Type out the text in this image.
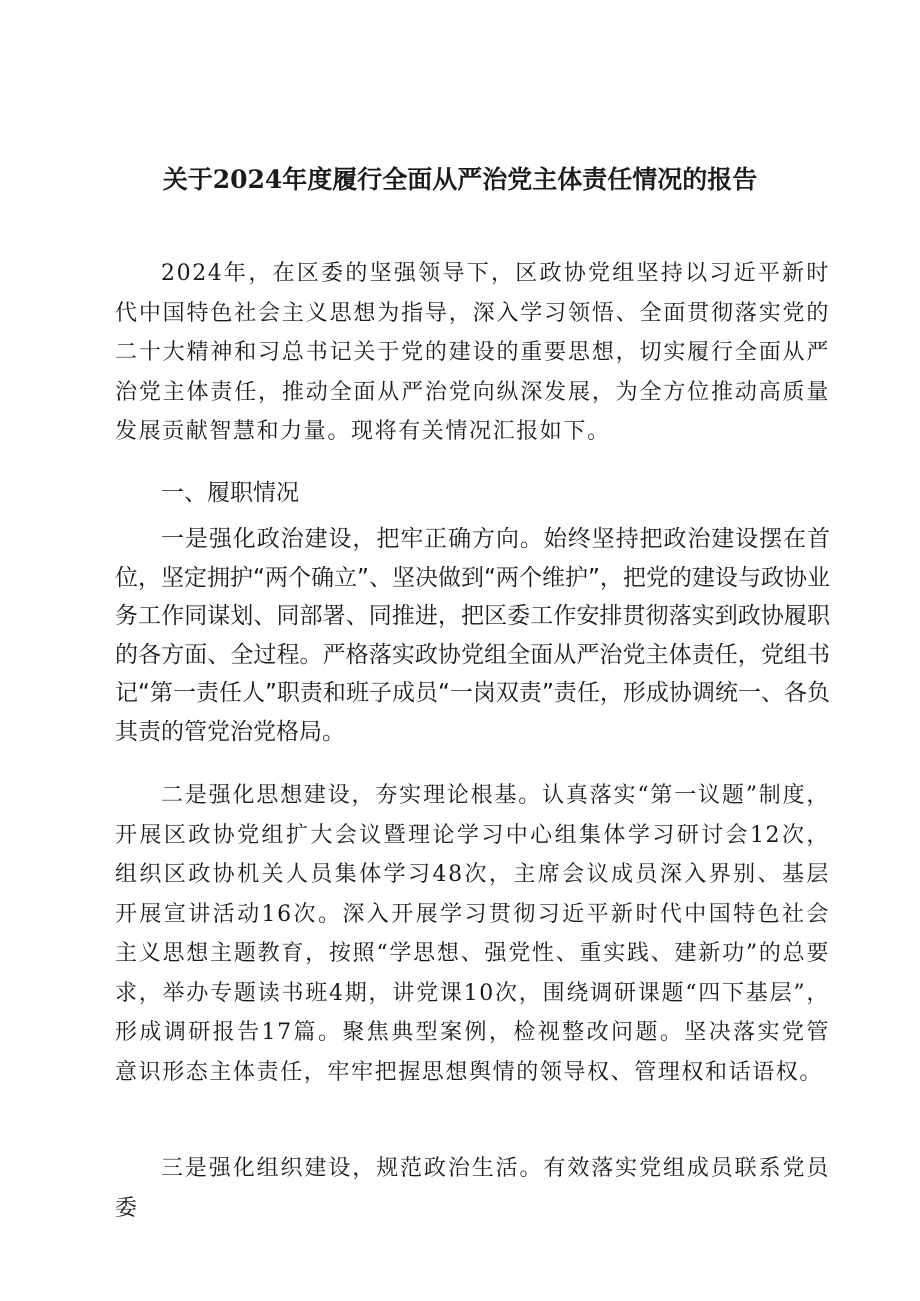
关于2024年度履行全面从严治党主体责任情况的报告

2024年，在区委的坚强领导下，区政协党组坚持以习近平新时代中国特色社会主义思想为指导，深入学习领悟、全面贯彻落实党的二十大精神和习总书记关于党的建设的重要思想，切实履行全面从严治党主体责任，推动全面从严治党向纵深发展，为全方位推动高质量发展贡献智慧和力量。现将有关情况汇报如下。

一、履职情况

一是强化政治建设，把牢正确方向。始终坚持把政治建设摆在首位，坚定拥护“两个确立”、坚决做到“两个维护”，把党的建设与政协业务工作同谋划、同部署、同推进，把区委工作安排贯彻落实到政协履职的各方面、全过程。严格落实政协党组全面从严治党主体责任，党组书记“第一责任人”职责和班子成员“一岗双责”责任，形成协调统一、各负其责的管党治党格局。

二是强化思想建设，夯实理论根基。认真落实“第一议题”制度，开展区政协党组扩大会议暨理论学习中心组集体学习研讨会12次，组织区政协机关人员集体学习48次，主席会议成员深入界别、基层开展宣讲活动16次。深入开展学习贯彻习近平新时代中国特色社会主义思想主题教育，按照“学思想、强党性、重实践、建新功”的总要求，举办专题读书班4期，讲党课10次，围绕调研课题“四下基层”，形成调研报告17篇。聚焦典型案例，检视整改问题。坚决落实党管意识形态主体责任，牢牢把握思想舆情的领导权、管理权和话语权。

三是强化组织建设，规范政治生活。有效落实党组成员联系党员委
